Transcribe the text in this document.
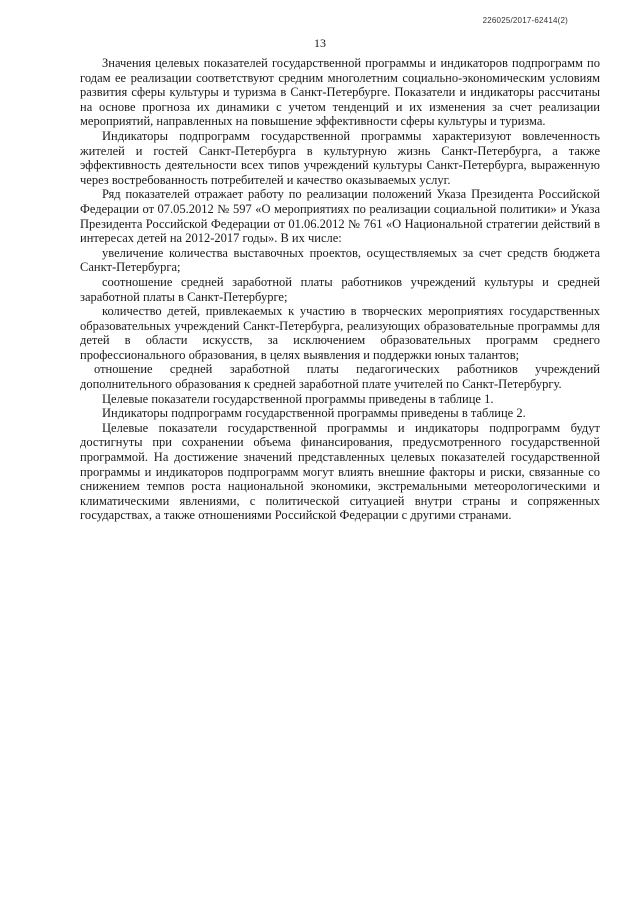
226025/2017-62414(2)
13

Значения целевых показателей государственной программы и индикаторов подпрограмм по годам ее реализации соответствуют средним многолетним социально-экономическим условиям развития сферы культуры и туризма в Санкт-Петербурге. Показатели и индикаторы рассчитаны на основе прогноза их динамики с учетом тенденций и их изменения за счет реализации мероприятий, направленных на повышение эффективности сферы культуры и туризма.

Индикаторы подпрограмм государственной программы характеризуют вовлеченность жителей и гостей Санкт-Петербурга в культурную жизнь Санкт-Петербурга, а также эффективность деятельности всех типов учреждений культуры Санкт-Петербурга, выраженную через востребованность потребителей и качество оказываемых услуг.

Ряд показателей отражает работу по реализации положений Указа Президента Российской Федерации от 07.05.2012 № 597 «О мероприятиях по реализации социальной политики» и Указа Президента Российской Федерации от 01.06.2012 № 761 «О Национальной стратегии действий в интересах детей на 2012-2017 годы». В их числе:

увеличение количества выставочных проектов, осуществляемых за счет средств бюджета Санкт-Петербурга;

соотношение средней заработной платы работников учреждений культуры и средней заработной платы в Санкт-Петербурге;

количество детей, привлекаемых к участию в творческих мероприятиях государственных образовательных учреждений Санкт-Петербурга, реализующих образовательные программы для детей в области искусств, за исключением образовательных программ среднего профессионального образования, в целях выявления и поддержки юных талантов;

отношение средней заработной платы педагогических работников учреждений дополнительного образования к средней заработной плате учителей по Санкт-Петербургу.

Целевые показатели государственной программы приведены в таблице 1.

Индикаторы подпрограмм государственной программы приведены в таблице 2.

Целевые показатели государственной программы и индикаторы подпрограмм будут достигнуты при сохранении объема финансирования, предусмотренного государственной программой. На достижение значений представленных целевых показателей государственной программы и индикаторов подпрограмм могут влиять внешние факторы и риски, связанные со снижением темпов роста национальной экономики, экстремальными метеорологическими и климатическими явлениями, с политической ситуацией внутри страны и сопряженных государствах, а также отношениями Российской Федерации с другими странами.
